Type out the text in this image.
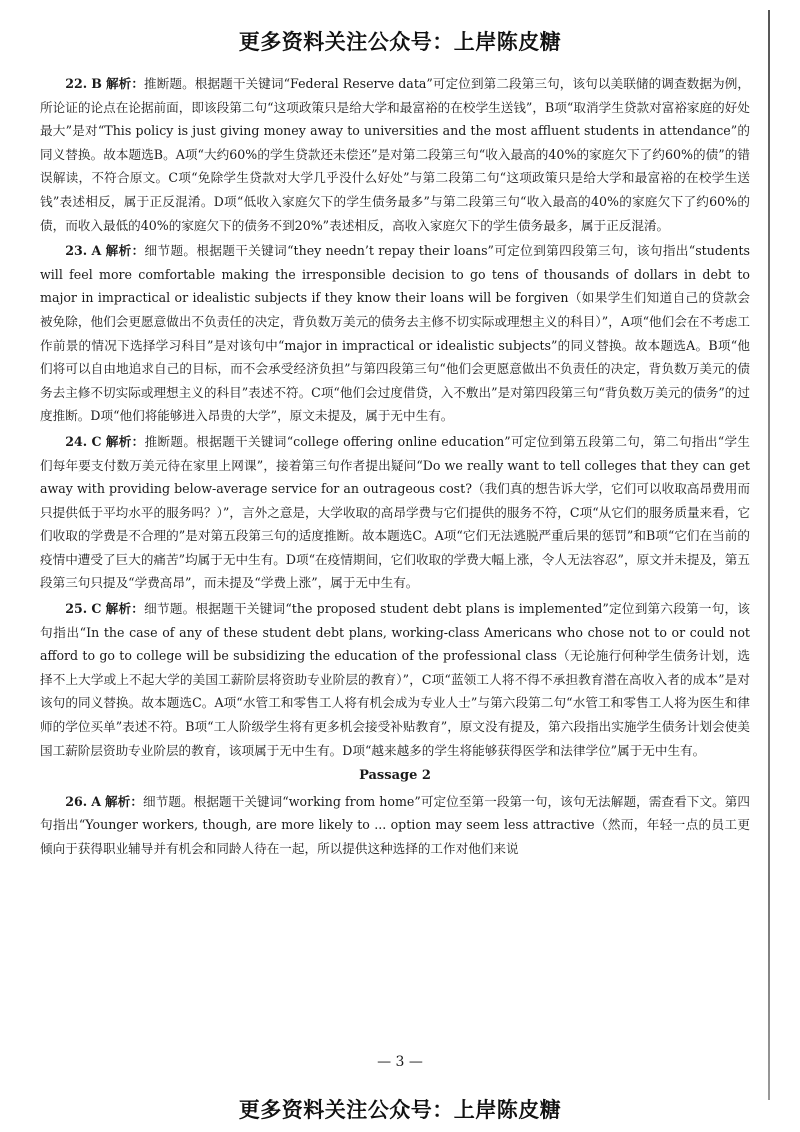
更多资料关注公众号：上岸陈皮糖

22. B 解析：推断题。根据题干关键词“Federal Reserve data”可定位到第二段第三句，该句以美联储的调查数据为例，所论证的论点在论据前面，即该段第二句“这项政策只是给大学和最富裕的在校学生送钱”，B项“取消学生贷款对富裕家庭的好处最大”是对“This policy is just giving money away to universities and the most affluent students in attendance”的同义替换。故本题选B。A项“大约60%的学生贷款还未偿还”是对第二段第三句“收入最高的40%的家庭欠下了约60%的债”的错误解读，不符合原文。C项“免除学生贷款对大学几乎没什么好处”与第二段第二句“这项政策只是给大学和最富裕的在校学生送钱”表述相反，属于正反混淆。D项“低收入家庭欠下的学生债务最多”与第二段第三句“收入最高的40%的家庭欠下了约60%的债，而收入最低的40%的家庭欠下的债务不到20%”表述相反，高收入家庭欠下的学生债务最多，属于正反混淆。

23. A 解析：细节题。根据题干关键词“they needn’t repay their loans”可定位到第四段第三句，该句指出“students will feel more comfortable making the irresponsible decision to go tens of thousands of dollars in debt to major in impractical or idealistic subjects if they know their loans will be forgiven（如果学生们知道自己的贷款会被免除，他们会更愿意做出不负责任的决定，背负数万美元的债务去主修不切实际或理想主义的科目）”，A项“他们会在不考虑工作前景的情况下选择学习科目”是对该句中“major in impractical or idealistic subjects”的同义替换。故本题选A。B项“他们将可以自由地追求自己的目标，而不会承受经济负担”与第四段第三句“他们会更愿意做出不负责任的决定，背负数万美元的债务去主修不切实际或理想主义的科目”表述不符。C项“他们会过度借贷，入不敷出”是对第四段第三句“背负数万美元的债务”的过度推断。D项“他们将能够进入昂贵的大学”，原文未提及，属于无中生有。

24. C 解析：推断题。根据题干关键词“college offering online education”可定位到第五段第二句，第二句指出“学生们每年要支付数万美元待在家里上网课”，接着第三句作者提出疑问“Do we really want to tell colleges that they can get away with providing below-average service for an outrageous cost?（我们真的想告诉大学，它们可以收取高昂费用而只提供低于平均水平的服务吗？）”，言外之意是，大学收取的高昂学费与它们提供的服务不符，C项“从它们的服务质量来看，它们收取的学费是不合理的”是对第五段第三句的适度推断。故本题选C。A项“它们无法逃脱严重后果的惩罚”和B项“它们在当前的疫情中遭受了巨大的痛苦”均属于无中生有。D项“在疫情期间，它们收取的学费大幅上涨，令人无法容忍”，原文并未提及，第五段第三句只提及“学费高昂”，而未提及“学费上涨”，属于无中生有。

25. C 解析：细节题。根据题干关键词“the proposed student debt plans is implemented”定位到第六段第一句，该句指出“In the case of any of these student debt plans, working-class Americans who chose not to or could not afford to go to college will be subsidizing the education of the professional class（无论施行何种学生债务计划，选择不上大学或上不起大学的美国工薪阶层将资助专业阶层的教育）”，C项“蓝领工人将不得不承担教育潜在高收入者的成本”是对该句的同义替换。故本题选C。A项“水管工和零售工人将有机会成为专业人士”与第六段第二句“水管工和零售工人将为医生和律师的学位买单”表述不符。B项“工人阶级学生将有更多机会接受补贴教育”，原文没有提及，第六段指出实施学生债务计划会使美国工薪阶层资助专业阶层的教育，该项属于无中生有。D项“越来越多的学生将能够获得医学和法律学位”属于无中生有。

Passage 2

26. A 解析：细节题。根据题干关键词“working from home”可定位至第一段第一句，该句无法解题，需查看下文。第四句指出“Younger workers, though, are more likely to ... option may seem less attractive（然而，年轻一点的员工更倾向于获得职业辅导并有机会和同龄人待在一起，所以提供这种选择的工作对他们来说

— 3 —
更多资料关注公众号：上岸陈皮糖
